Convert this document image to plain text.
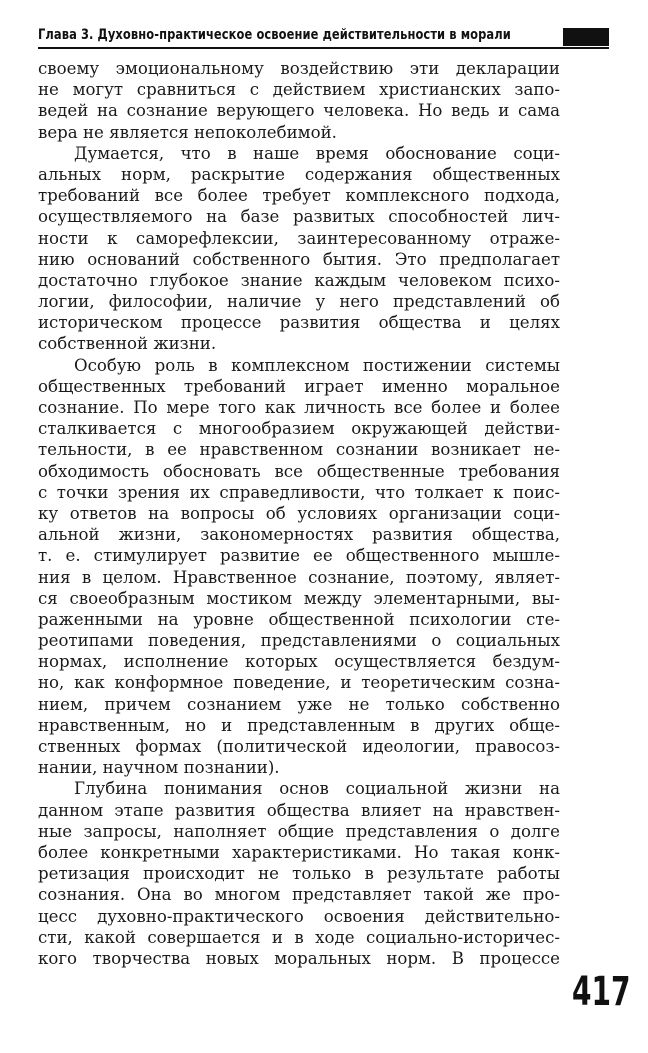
Глава 3. Духовно-практическое освоение действительности в морали
своему эмоциональному воздействию эти декларации
не могут сравниться с действием христианских запо-
ведей на сознание верующего человека. Но ведь и сама
вера не является непоколебимой.
Думается, что в наше время обоснование соци-
альных норм, раскрытие содержания общественных
требований все более требует комплексного подхода,
осуществляемого на базе развитых способностей лич-
ности к саморефлексии, заинтересованному отраже-
нию оснований собственного бытия. Это предполагает
достаточно глубокое знание каждым человеком психо-
логии, философии, наличие у него представлений об
историческом процессе развития общества и целях
собственной жизни.
Особую роль в комплексном постижении системы
общественных требований играет именно моральное
сознание. По мере того как личность все более и более
сталкивается с многообразием окружающей действи-
тельности, в ее нравственном сознании возникает не-
обходимость обосновать все общественные требования
с точки зрения их справедливости, что толкает к поис-
ку ответов на вопросы об условиях организации соци-
альной жизни, закономерностях развития общества,
т. е. стимулирует развитие ее общественного мышле-
ния в целом. Нравственное сознание, поэтому, являет-
ся своеобразным мостиком между элементарными, вы-
раженными на уровне общественной психологии сте-
реотипами поведения, представлениями о социальных
нормах, исполнение которых осуществляется бездум-
но, как конформное поведение, и теоретическим созна-
нием, причем сознанием уже не только собственно
нравственным, но и представленным в других обще-
ственных формах (политической идеологии, правосоз-
нании, научном познании).
Глубина понимания основ социальной жизни на
данном этапе развития общества влияет на нравствен-
ные запросы, наполняет общие представления о долге
более конкретными характеристиками. Но такая конк-
ретизация происходит не только в результате работы
сознания. Она во многом представляет такой же про-
цесс духовно-практического освоения действительно-
сти, какой совершается и в ходе социально-историчес-
кого творчества новых моральных норм. В процессе
417
